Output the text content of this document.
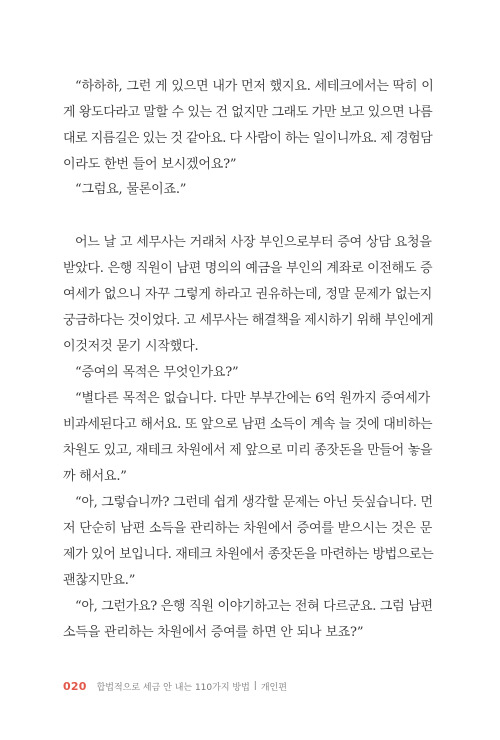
“하하하, 그런 게 있으면 내가 먼저 했지요. 세테크에서는 딱히 이
게 왕도다라고 말할 수 있는 건 없지만 그래도 가만 보고 있으면 나름
대로 지름길은 있는 것 같아요. 다 사람이 하는 일이니까요. 제 경험담
이라도 한번 들어 보시겠어요?”
“그럼요, 물론이죠.”
어느 날 고 세무사는 거래처 사장 부인으로부터 증여 상담 요청을
받았다. 은행 직원이 남편 명의의 예금을 부인의 계좌로 이전해도 증
여세가 없으니 자꾸 그렇게 하라고 권유하는데, 정말 문제가 없는지
궁금하다는 것이었다. 고 세무사는 해결책을 제시하기 위해 부인에게
이것저것 묻기 시작했다.
“증여의 목적은 무엇인가요?”
“별다른 목적은 없습니다. 다만 부부간에는 6억 원까지 증여세가
비과세된다고 해서요. 또 앞으로 남편 소득이 계속 늘 것에 대비하는
차원도 있고, 재테크 차원에서 제 앞으로 미리 종잣돈을 만들어 놓을
까 해서요.”
“아, 그렇습니까? 그런데 쉽게 생각할 문제는 아닌 듯싶습니다. 먼
저 단순히 남편 소득을 관리하는 차원에서 증여를 받으시는 것은 문
제가 있어 보입니다. 재테크 차원에서 종잣돈을 마련하는 방법으로는
괜찮지만요.”
“아, 그런가요? 은행 직원 이야기하고는 전혀 다르군요. 그럼 남편
소득을 관리하는 차원에서 증여를 하면 안 되나 보죠?”
020 합법적으로 세금 안 내는 110가지 방법 | 개인편
